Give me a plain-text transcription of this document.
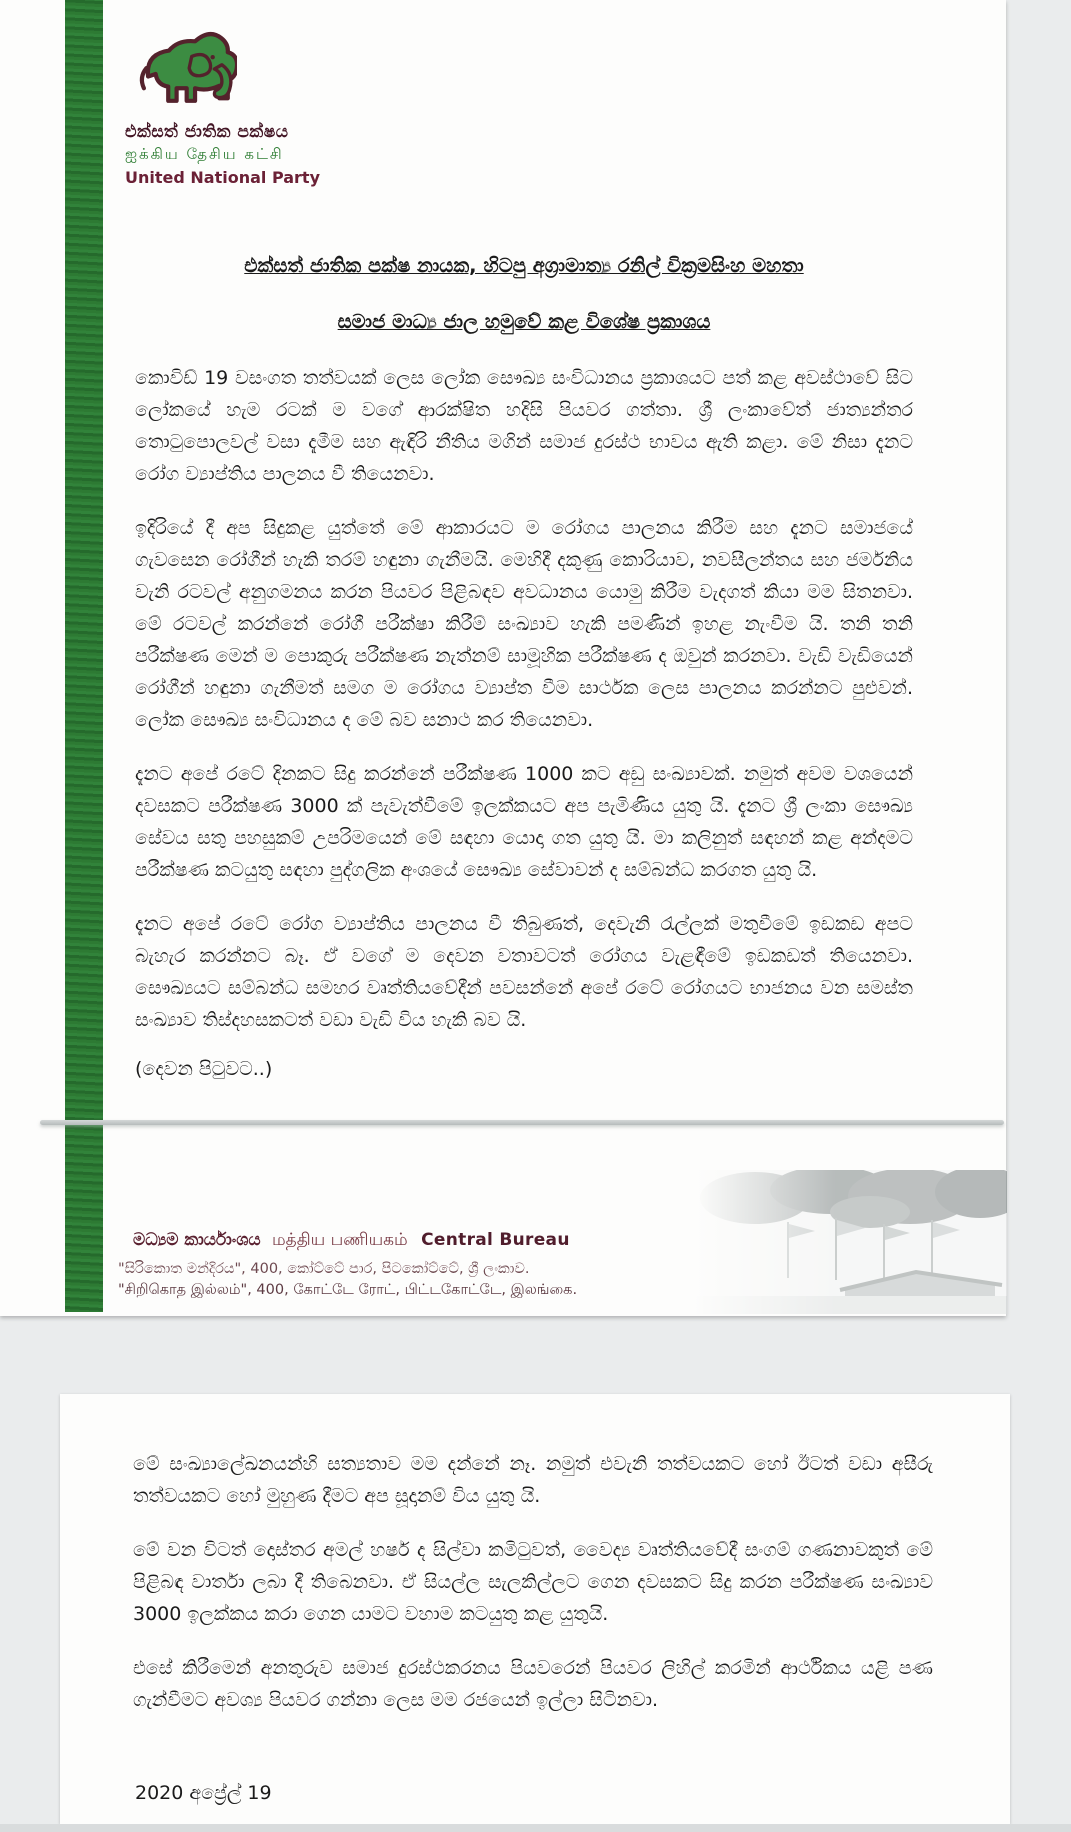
එක්සත් ජාතික පක්ෂය
ஐக்கிய தேசிய கட்சி
United National Party
එක්සත් ජාතික පක්ෂ නායක, හිටපු අග්‍රාමාත්‍ය රනිල් වික්‍රමසිංහ මහතා
සමාජ මාධ්‍ය ජාල හමුවේ කළ විශේෂ ප්‍රකාශය

කොවිඩ් 19 වසංගත තත්වයක් ලෙස ලෝක සෞඛ්‍ය සංවිධානය ප්‍රකාශයට පත් කළ අවස්ථාවේ සිට ලෝකයේ හැම රටක් ම වගේ ආරක්ෂිත හදිසි පියවර ගත්තා. ශ්‍රී ලංකාවේත් ජාත්‍යන්තර තොටුපොලවල් වසා දැමීම සහ ඇඳිරි නීතිය මගින් සමාජ දුරස්ථ භාවය ඇති කළා. මේ නිසා දැනට රෝග ව්‍යාප්තිය පාලනය වී තියෙනවා.

ඉදිරියේ දී අප සිදුකළ යුත්තේ මේ ආකාරයට ම රෝගය පාලනය කිරීම සහ දැනට සමාජයේ ගැවසෙන රෝගීන් හැකි තරම් හඳුනා ගැනීමයි. මෙහිදී දකුණු කොරියාව, නවසීලන්තය සහ ජර්මනිය වැනි රටවල් අනුගමනය කරන පියවර පිළිබඳව අවධානය යොමු කිරීම වැදගත් කියා මම සිතනවා. මේ රටවල් කරන්නේ රෝගී පරීක්ෂා කිරීම් සංඛ්‍යාව හැකි පමණින් ඉහළ නැංවීම යි. තනි තනි පරීක්ෂණ මෙන් ම පොකුරු පරීක්ෂණ නැත්නම් සාමූහික පරීක්ෂණ ද ඔවුන් කරනවා. වැඩි වැඩියෙන් රෝගීන් හඳුනා ගැනීමත් සමග ම රෝගය ව්‍යාප්ත වීම සාර්ථක ලෙස පාලනය කරන්නට පුළුවන්. ලෝක සෞඛ්‍ය සංවිධානය ද මේ බව සනාථ කර තියෙනවා.

දැනට අපේ රටේ දිනකට සිදු කරන්නේ පරීක්ෂණ 1000 කට අඩු සංඛ්‍යාවක්. නමුත් අවම වශයෙන් දවසකට පරීක්ෂණ 3000 ක් පැවැත්වීමේ ඉලක්කයට අප පැමිණිය යුතු යි. දැනට ශ්‍රී ලංකා සෞඛ්‍ය සේවය සතු පහසුකම් උපරිමයෙන් මේ සඳහා යොදා ගත යුතු යි. මා කලිනුත් සඳහන් කළ අන්දමට පරීක්ෂණ කටයුතු සඳහා පුද්ගලික අංශයේ සෞඛ්‍ය සේවාවන් ද සම්බන්ධ කරගත යුතු යි.

දැනට අපේ රටේ රෝග ව්‍යාප්තිය පාලනය වී තිබුණත්, දෙවැනි රැල්ලක් මතුවීමේ ඉඩකඩ අපට බැහැර කරන්නට බෑ. ඒ වගේ ම දෙවන වතාවටත් රෝගය වැළඳීමේ ඉඩකඩත් තියෙනවා. සෞඛ්‍යයට සම්බන්ධ සමහර වෘත්තියවේදීන් පවසන්නේ අපේ රටේ රෝගයට භාජනය වන සමස්ත සංඛ්‍යාව තිස්දහසකටත් වඩා වැඩි විය හැකි බව යි.

(දෙවන පිටුවට..)
මධ්‍යම කාර්යාංශය மத்திய பணியகம் Central Bureau
"සිරිකොත මන්දිරය", 400, කෝට්ටේ පාර, පිටකෝට්ටේ, ශ්‍රී ලංකාව.
"சிறிகொத இல்லம்", 400, கோட்டே ரோட், பிட்டகோட்டே, இலங்கை.

මේ සංඛ්‍යාලේඛනයන්හි සත්‍යතාව මම දන්නේ නෑ. නමුත් එවැනි තත්වයකට හෝ ඊටත් වඩා අසීරු තත්වයකට හෝ මුහුණ දීමට අප සූදානම් විය යුතු යි.

මේ වන විටත් දොස්තර අමල් හර්ෂ ද සිල්වා කමිටුවත්, වෛද්‍ය වෘත්තියවේදී සංගම් ගණනාවකුත් මේ පිළිබඳ වාර්තා ලබා දී තිබෙනවා. ඒ සියල්ල සැලකිල්ලට ගෙන දවසකට සිදු කරන පරීක්ෂණ සංඛ්‍යාව 3000 ඉලක්කය කරා ගෙන යාමට වහාම කටයුතු කළ යුතුයි.

එසේ කිරීමෙන් අනතුරුව සමාජ දුරස්ථකරනය පියවරෙන් පියවර ලිහිල් කරමින් ආර්ථිකය යළි පණ ගැන්වීමට අවශ්‍ය පියවර ගන්නා ලෙස මම රජයෙන් ඉල්ලා සිටිනවා.

2020 අප්‍රේල් 19
